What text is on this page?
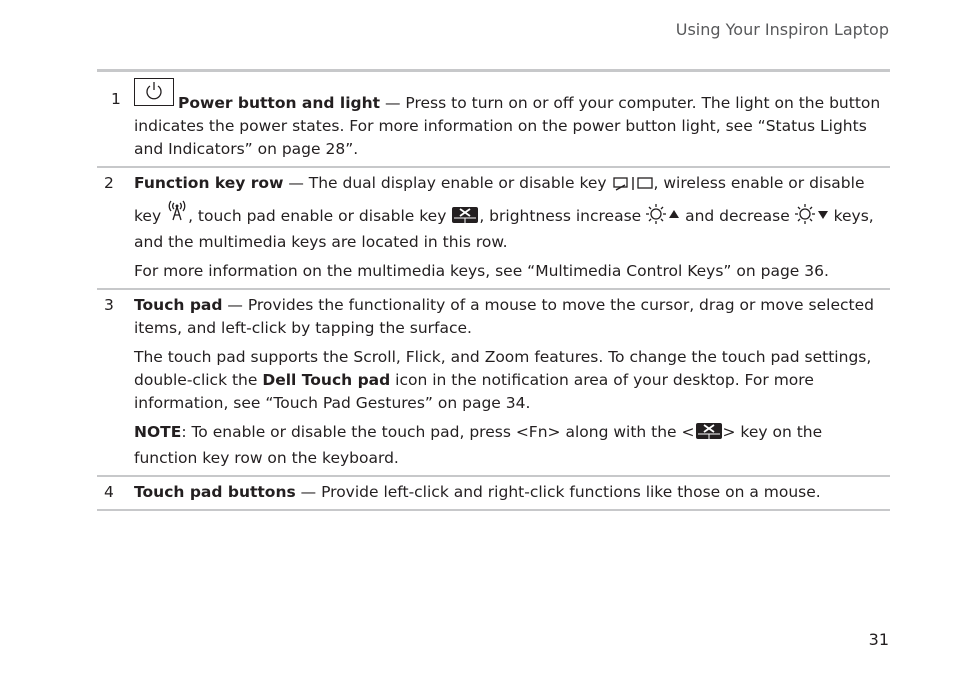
Using Your Inspiron Laptop
1	Power button and light — Press to turn on or off your computer. The light on the button indicates the power states. For more information on the power button light, see “Status Lights and Indicators” on page 28”.

2	Function key row — The dual display enable or disable key	, wireless enable or disable key , touch pad enable or disable key , brightness increase  and decrease  keys, and the multimedia keys are located in this row.

For more information on the multimedia keys, see “Multimedia Control Keys” on page 36.

3	Touch pad — Provides the functionality of a mouse to move the cursor, drag or move selected items, and left-click by tapping the surface.

The touch pad supports the Scroll, Flick, and Zoom features. To change the touch pad settings, double-click the Dell Touch pad icon in the notification area of your desktop. For more information, see “Touch Pad Gestures” on page 34.

NOTE: To enable or disable the touch pad, press <Fn> along with the < > key on the function key row on the keyboard.

4	Touch pad buttons — Provide left-click and right-click functions like those on a mouse.

31
